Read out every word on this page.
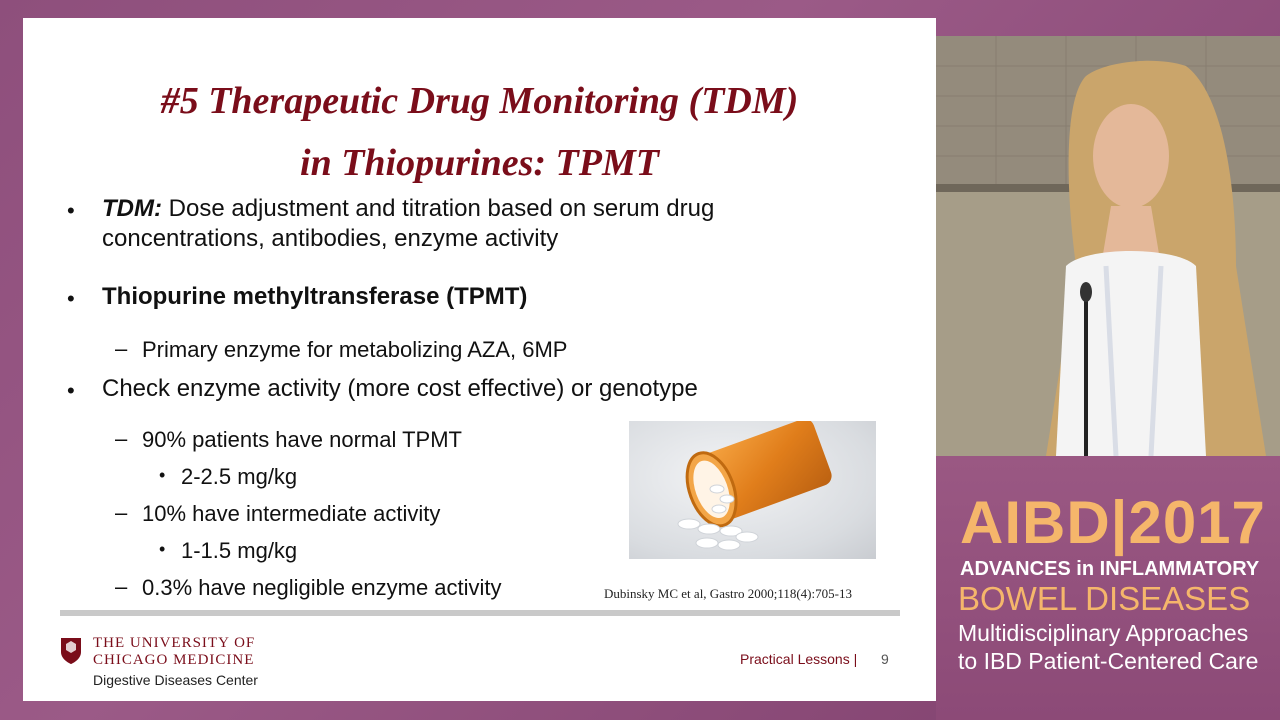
#5 Therapeutic Drug Monitoring (TDM)
in Thiopurines: TPMT
• TDM: Dose adjustment and titration based on serum drug
concentrations, antibodies, enzyme activity
• Thiopurine methyltransferase (TPMT)
– Primary enzyme for metabolizing AZA, 6MP
• Check enzyme activity (more cost effective) or genotype
– 90% patients have normal TPMT
• 2-2.5 mg/kg
– 10% have intermediate activity
• 1-1.5 mg/kg
– 0.3% have negligible enzyme activity	Dubinsky MC et al, Gastro 2000;118(4):705-13
THE UNIVERSITY OF
CHICAGO MEDICINE
Digestive Diseases Center
Practical Lessons | 9
AIBD|2017
ADVANCES in INFLAMMATORY
BOWEL DISEASES
Multidisciplinary Approaches
to IBD Patient-Centered Care
